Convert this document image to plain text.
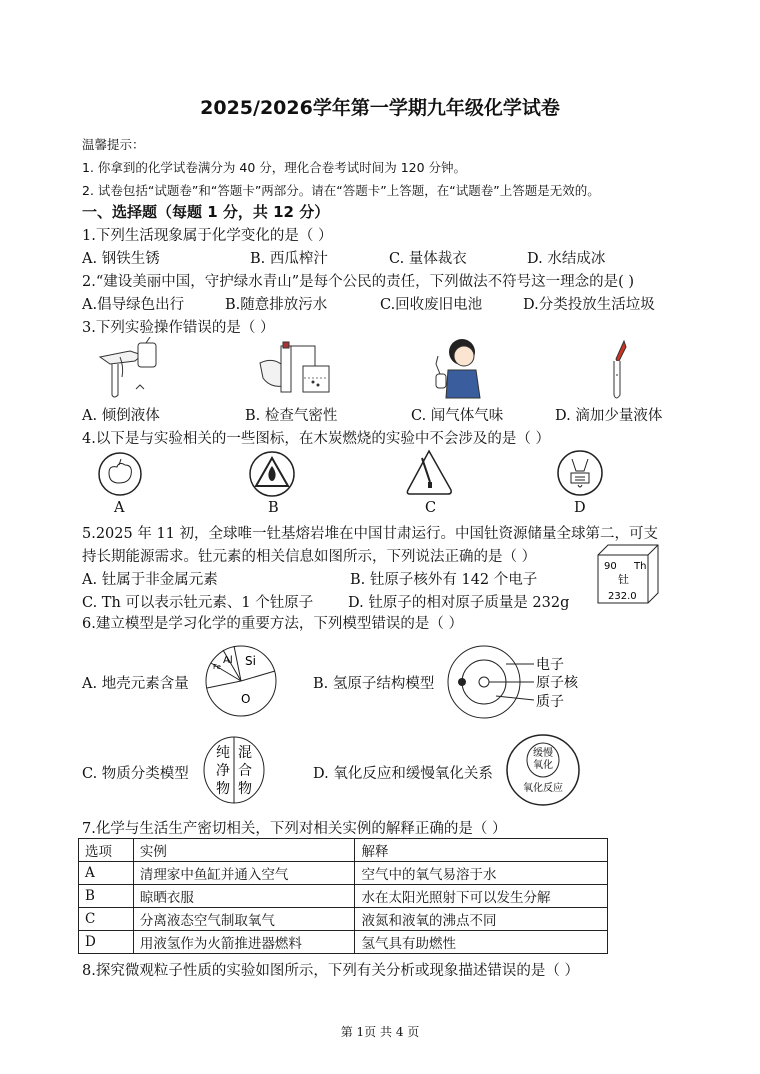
2025/2026学年第一学期九年级化学试卷
温馨提示：
1. 你拿到的化学试卷满分为 40 分，理化合卷考试时间为 120 分钟。
2. 试卷包括“试题卷”和“答题卡”两部分。请在“答题卡”上答题，在“试题卷”上答题是无效的。
一、选择题（每题 1 分，共 12 分）
1.下列生活现象属于化学变化的是（ ）
A. 钢铁生锈	B. 西瓜榨汁	C. 量体裁衣	D. 水结成冰
2.“建设美丽中国，守护绿水青山”是每个公民的责任，下列做法不符号这一理念的是( )
A.倡导绿色出行	B.随意排放污水	C.回收废旧电池	D.分类投放生活垃圾
3.下列实验操作错误的是（ ）
A. 倾倒液体	B. 检查气密性	C. 闻气体气味	D. 滴加少量液体
4.以下是与实验相关的一些图标，在木炭燃烧的实验中不会涉及的是（ ）
A	B	C	D
5.2025 年 11 初，全球唯一钍基熔岩堆在中国甘肃运行。中国钍资源储量全球第二，可支
持长期能源需求。钍元素的相关信息如图所示，下列说法正确的是（ ）
A. 钍属于非金属元素	B. 钍原子核外有 142 个电子
C. Th 可以表示钍元素、1 个钍原子 D. 钍原子的相对原子质量是 232g
90 Th
钍
232.0
6.建立模型是学习化学的重要方法，下列模型错误的是（ ）
A. 地壳元素含量
Fe
Al Si
O
B. 氢原子结构模型
电子
原子核
质子
C. 物质分类模型
纯
净
物
混
合
物
D. 氧化反应和缓慢氧化关系
缓慢
氧化
氧化反应
7.化学与生活生产密切相关，下列对相关实例的解释正确的是（ ）
选项	实例	解释
A	清理家中鱼缸并通入空气	空气中的氧气易溶于水
B	晾晒衣服	水在太阳光照射下可以发生分解
C	分离液态空气制取氧气	液氮和液氧的沸点不同
D	用液氢作为火箭推进器燃料	氢气具有助燃性
8.探究微观粒子性质的实验如图所示，下列有关分析或现象描述错误的是（ ）
第 1页 共 4 页
